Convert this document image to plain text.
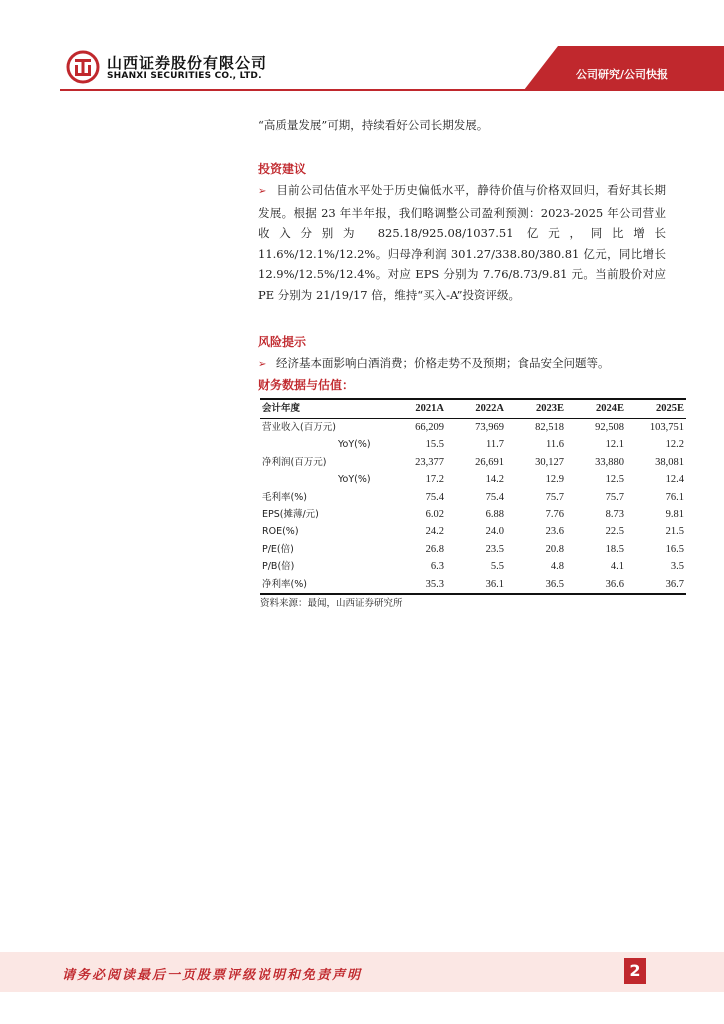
山西证券股份有限公司
SHANXI SECURITIES CO., LTD.	公司研究/公司快报

“高质量发展”可期，持续看好公司长期发展。

投资建议

➢ 目前公司估值水平处于历史偏低水平，静待价值与价格双回归，看好其长期发展。根据 23 年半年报，我们略调整公司盈利预测：2023-2025 年公司营业收入分别为 825.18/925.08/1037.51 亿元，同比增长 11.6%/12.1%/12.2%。归母净利润 301.27/338.80/380.81 亿元，同比增长 12.9%/12.5%/12.4%。对应 EPS 分别为 7.76/8.73/9.81 元。当前股价对应 PE 分别为 21/19/17 倍，维持“买入-A”投资评级。

风险提示

➢ 经济基本面影响白酒消费；价格走势不及预期；食品安全问题等。

财务数据与估值：
会计年度	2021A	2022A	2023E	2024E	2025E
营业收入(百万元)	66,209	73,969	82,518	92,508	103,751
YoY(%)	15.5	11.7	11.6	12.1	12.2
净利润(百万元)	23,377	26,691	30,127	33,880	38,081
YoY(%)	17.2	14.2	12.9	12.5	12.4
毛利率(%)	75.4	75.4	75.7	75.7	76.1
EPS(摊薄/元)	6.02	6.88	7.76	8.73	9.81
ROE(%)	24.2	24.0	23.6	22.5	21.5
P/E(倍)	26.8	23.5	20.8	18.5	16.5
P/B(倍)	6.3	5.5	4.8	4.1	3.5
净利率(%)	35.3	36.1	36.5	36.6	36.7
资料来源：最闻，山西证券研究所
请务必阅读最后一页股票评级说明和免责声明	2
